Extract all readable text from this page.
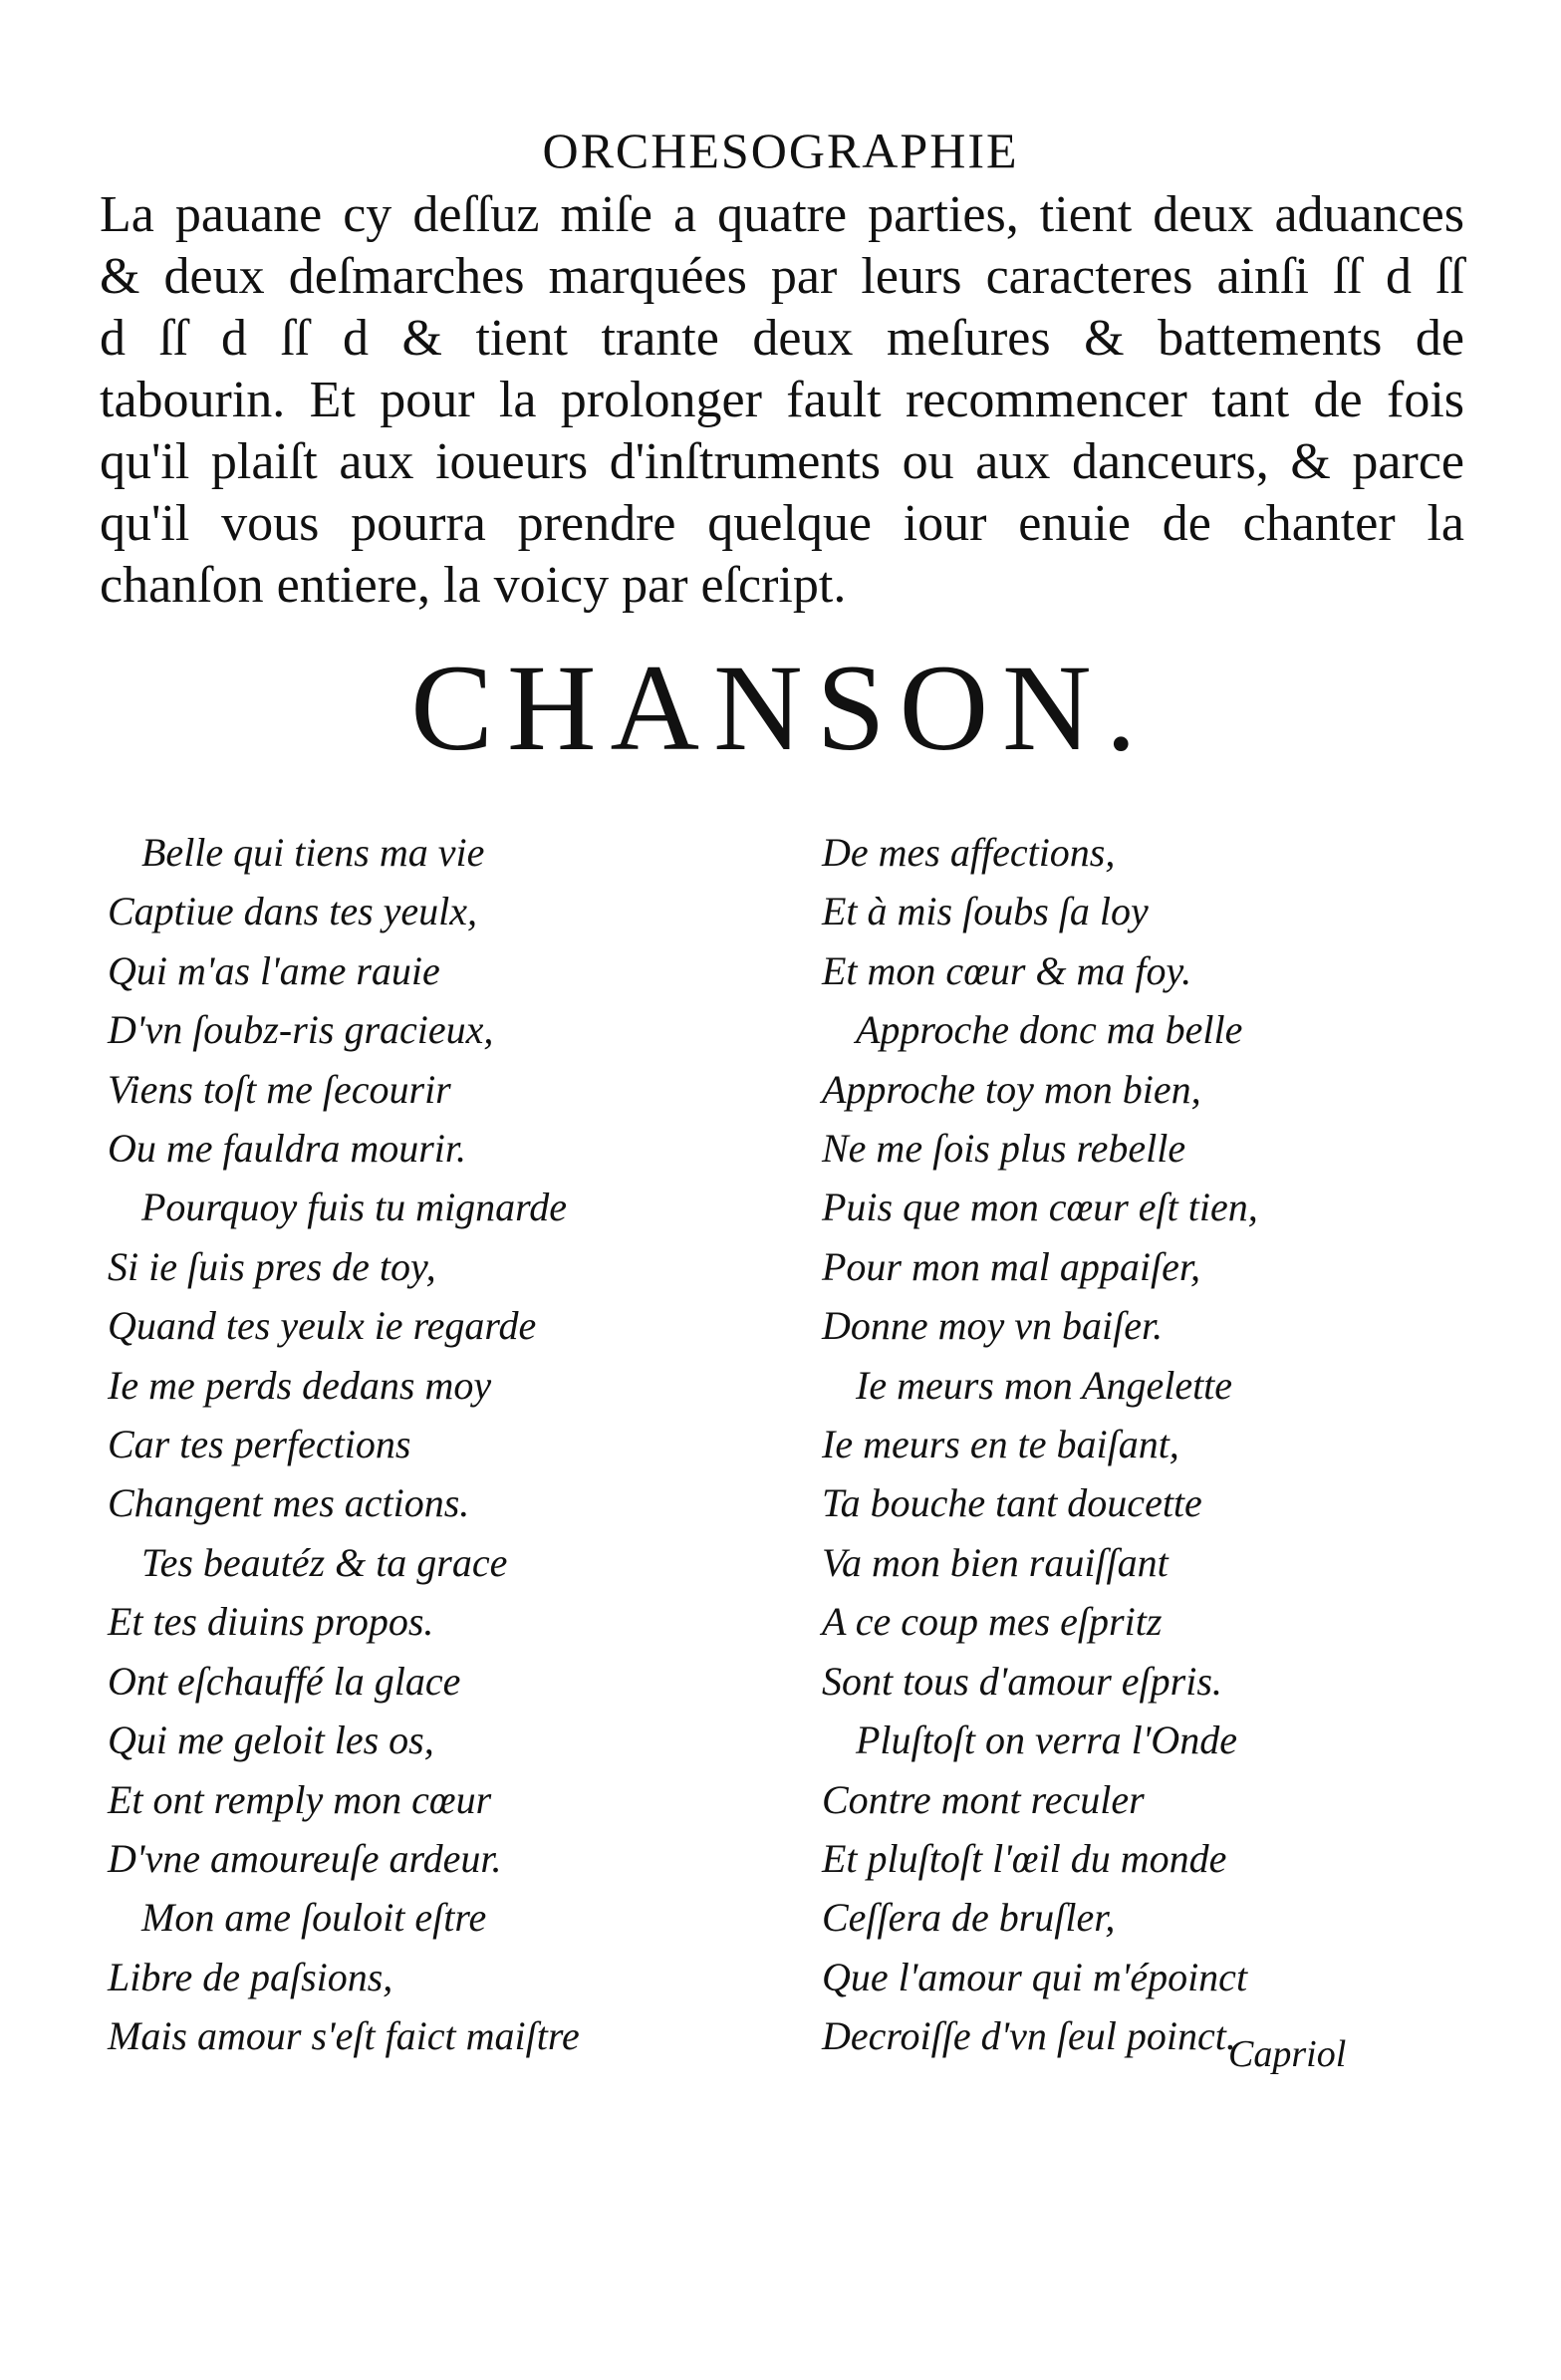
ORCHESOGRAPHIE
La pauane cy deſſuz miſe a quatre parties, tient deux aduances
& deux deſmarches marquées par leurs caracteres ainſi ſſ d ſſ
d ſſ d ſſ d & tient trante deux meſures & battements de
tabourin. Et pour la prolonger fault recommencer tant de fois
qu'il plaiſt aux ioueurs d'inſtruments ou aux danceurs, & parce
qu'il vous pourra prendre quelque iour enuie de chanter la
chanſon entiere, la voicy par eſcript.
CHANSON.
Belle qui tiens ma vie
Captiue dans tes yeulx,
Qui m'as l'ame rauie
D'vn ſoubz-ris gracieux,
Viens toſt me ſecourir
Ou me fauldra mourir.
Pourquoy fuis tu mignarde
Si ie ſuis pres de toy,
Quand tes yeulx ie regarde
Ie me perds dedans moy
Car tes perfections
Changent mes actions.
Tes beautéz & ta grace
Et tes diuins propos.
Ont eſchauffé la glace
Qui me geloit les os,
Et ont remply mon cœur
D'vne amoureuſe ardeur.
Mon ame ſouloit eſtre
Libre de paſsions,
Mais amour s'eſt faict maiſtre
De mes affections,
Et à mis ſoubs ſa loy
Et mon cœur & ma foy.
Approche donc ma belle
Approche toy mon bien,
Ne me ſois plus rebelle
Puis que mon cœur eſt tien,
Pour mon mal appaiſer,
Donne moy vn baiſer.
Ie meurs mon Angelette
Ie meurs en te baiſant,
Ta bouche tant doucette
Va mon bien rauiſſant
A ce coup mes eſpritz
Sont tous d'amour eſpris.
Pluſtoſt on verra l'Onde
Contre mont reculer
Et pluſtoſt l'œil du monde
Ceſſera de bruſler,
Que l'amour qui m'époinct
Decroiſſe d'vn ſeul poinct.
Capriol
